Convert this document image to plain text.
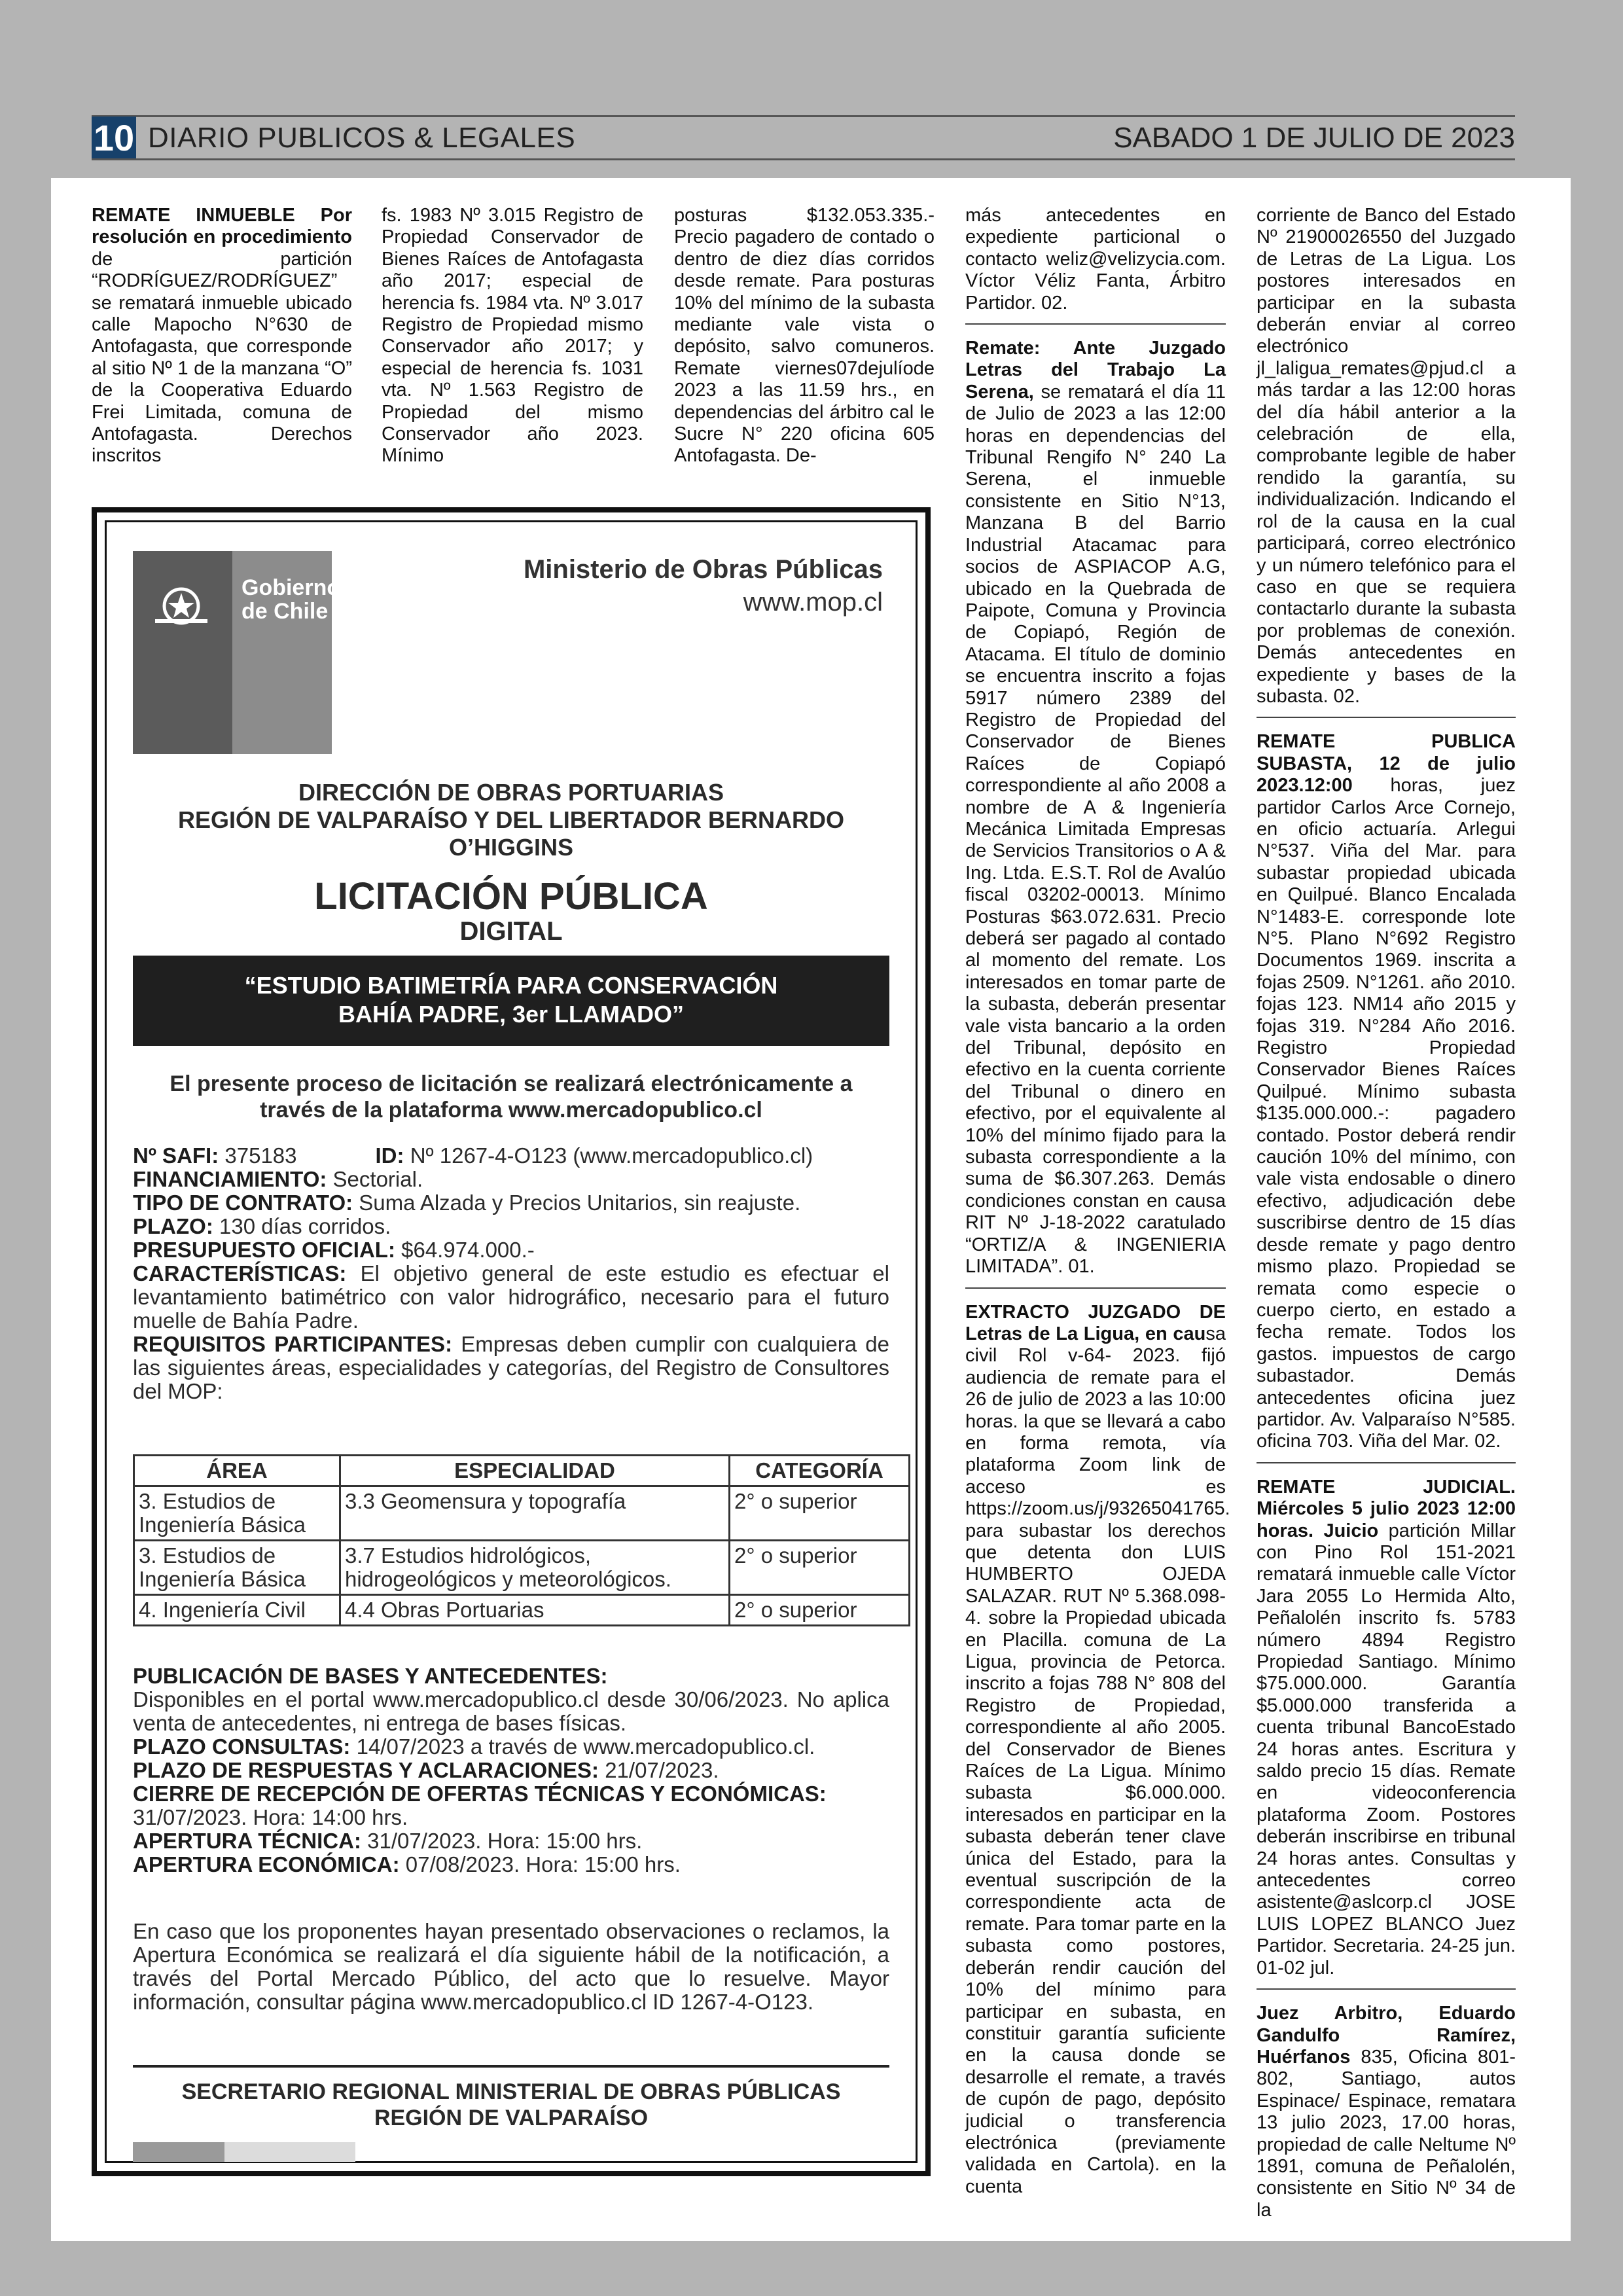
10 DIARIO PUBLICOS & LEGALES	SABADO 1 DE JULIO DE 2023

REMATE INMUEBLE Por resolución en procedimiento de partición “RODRÍGUEZ/RODRÍGUEZ” se rematará inmueble ubicado calle Mapocho N°630 de Antofagasta, que corresponde al sitio Nº 1 de la manzana “O” de la Cooperativa Eduardo Frei Limitada, comuna de Antofagasta. Derechos inscritos

fs. 1983 Nº 3.015 Registro de Propiedad Conservador de Bienes Raíces de Antofagasta año 2017; especial de herencia fs. 1984 vta. Nº 3.017 Registro de Propiedad mismo Conservador año 2017; y especial de herencia fs. 1031 vta. Nº 1.563 Registro de Propiedad del mismo Conservador año 2023. Mínimo

posturas $132.053.335.- Precio pagadero de contado o dentro de diez días corridos desde remate. Para posturas 10% del mínimo de la subasta mediante vale vista o depósito, salvo comuneros. Remate viernes07dejulíode 2023 a las 11.59 hrs., en dependencias del árbitro cal le Sucre N° 220 oficina 605 Antofagasta. De-

más antecedentes en expediente particional o contacto weliz@velizycia.com. Víctor Véliz Fanta, Árbitro Partidor. 02.

Remate: Ante Juzgado Letras del Trabajo La Serena, se rematará el día 11 de Julio de 2023 a las 12:00 horas en dependencias del Tribunal Rengifo N° 240 La Serena, el inmueble consistente en Sitio N°13, Manzana B del Barrio Industrial Atacamac para socios de ASPIACOP A.G, ubicado en la Quebrada de Paipote, Comuna y Provincia de Copiapó, Región de Atacama. El título de dominio se encuentra inscrito a fojas 5917 número 2389 del Registro de Propiedad del Conservador de Bienes Raíces de Copiapó correspondiente al año 2008 a nombre de A & Ingeniería Mecánica Limitada Empresas de Servicios Transitorios o A & Ing. Ltda. E.S.T. Rol de Avalúo fiscal 03202-00013. Mínimo Posturas $63.072.631. Precio deberá ser pagado al contado al momento del remate. Los interesados en tomar parte de la subasta, deberán presentar vale vista bancario a la orden del Tribunal, depósito en efectivo en la cuenta corriente del Tribunal o dinero en efectivo, por el equivalente al 10% del mínimo fijado para la subasta correspondiente a la suma de $6.307.263. Demás condiciones constan en causa RIT Nº J-18-2022 caratulado “ORTIZ/A & INGENIERIA LIMITADA”. 01.

EXTRACTO JUZGADO DE Letras de La Ligua, en causa civil Rol v-64- 2023. fijó audiencia de remate para el 26 de julio de 2023 a las 10:00 horas. la que se llevará a cabo en forma remota, vía plataforma Zoom link de acceso es https://zoom.us/j/93265041765. para subastar los derechos que detenta don LUIS HUMBERTO OJEDA SALAZAR. RUT Nº 5.368.098-4. sobre la Propiedad ubicada en Placilla. comuna de La Ligua, provincia de Petorca. inscrito a fojas 788 N° 808 del Registro de Propiedad, correspondiente al año 2005. del Conservador de Bienes Raíces de La Ligua. Mínimo subasta $6.000.000. interesados en participar en la subasta deberán tener clave única del Estado, para la eventual suscripción de la correspondiente acta de remate. Para tomar parte en la subasta como postores, deberán rendir caución del 10% del mínimo para participar en subasta, en constituir garantía suficiente en la causa donde se desarrolle el remate, a través de cupón de pago, depósito judicial o transferencia electrónica (previamente validada en Cartola). en la cuenta

corriente de Banco del Estado Nº 21900026550 del Juzgado de Letras de La Ligua. Los postores interesados en participar en la subasta deberán enviar al correo electrónico jl_laligua_remates@pjud.cl a más tardar a las 12:00 horas del día hábil anterior a la celebración de ella, comprobante legible de haber rendido la garantía, su individualización. Indicando el rol de la causa en la cual participará, correo electrónico y un número telefónico para el caso en que se requiera contactarlo durante la subasta por problemas de conexión. Demás antecedentes en expediente y bases de la subasta. 02.

REMATE PUBLICA SUBASTA, 12 de julio 2023.12:00 horas, juez partidor Carlos Arce Cornejo, en oficio actuaría. Arlegui N°537. Viña del Mar. para subastar propiedad ubicada en Quilpué. Blanco Encalada N°1483-E. corresponde lote N°5. Plano N°692 Registro Documentos 1969. inscrita a fojas 2509. N°1261. año 2010. fojas 123. NM14 año 2015 y fojas 319. N°284 Año 2016. Registro Propiedad Conservador Bienes Raíces Quilpué. Mínimo subasta $135.000.000.-: pagadero contado. Postor deberá rendir caución 10% del mínimo, con vale vista endosable o dinero efectivo, adjudicación debe suscribirse dentro de 15 días desde remate y pago dentro mismo plazo. Propiedad se remata como especie o cuerpo cierto, en estado a fecha remate. Todos los gastos. impuestos de cargo subastador. Demás antecedentes oficina juez partidor. Av. Valparaíso N°585. oficina 703. Viña del Mar. 02.

REMATE JUDICIAL. Miércoles 5 julio 2023 12:00 horas. Juicio partición Millar con Pino Rol 151-2021 rematará inmueble calle Víctor Jara 2055 Lo Hermida Alto, Peñalolén inscrito fs. 5783 número 4894 Registro Propiedad Santiago. Mínimo $75.000.000. Garantía $5.000.000 transferida a cuenta tribunal BancoEstado 24 horas antes. Escritura y saldo precio 15 días. Remate en videoconferencia plataforma Zoom. Postores deberán inscribirse en tribunal 24 horas antes. Consultas y antecedentes correo asistente@aslcorp.cl JOSE LUIS LOPEZ BLANCO Juez Partidor. Secretaria. 24-25 jun. 01-02 jul.

Juez Arbitro, Eduardo Gandulfo Ramírez, Huérfanos 835, Oficina 801-802, Santiago, autos Espinace/ Espinace, rematara 13 julio 2023, 17.00 horas, propiedad de calle Neltume Nº 1891, comuna de Peñalolén, consistente en Sitio Nº 34 de la

Gobierno
de Chile
Ministerio de Obras Públicas
www.mop.cl
DIRECCIÓN DE OBRAS PORTUARIAS
REGIÓN DE VALPARAÍSO Y DEL LIBERTADOR BERNARDO
O’HIGGINS
LICITACIÓN PÚBLICA
DIGITAL
“ESTUDIO BATIMETRÍA PARA CONSERVACIÓN
BAHÍA PADRE, 3er LLAMADO”
El presente proceso de licitación se realizará electrónicamente a
través de la plataforma www.mercadopublico.cl
Nº SAFI: 375183	ID: Nº 1267-4-O123 (www.mercadopublico.cl)
FINANCIAMIENTO: Sectorial.
TIPO DE CONTRATO: Suma Alzada y Precios Unitarios, sin reajuste.
PLAZO: 130 días corridos.
PRESUPUESTO OFICIAL: $64.974.000.-
CARACTERÍSTICAS: El objetivo general de este estudio es efectuar el levantamiento batimétrico con valor hidrográfico, necesario para el futuro muelle de Bahía Padre.
REQUISITOS PARTICIPANTES: Empresas deben cumplir con cualquiera de las siguientes áreas, especialidades y categorías, del Registro de Consultores del MOP:
ÁREA	ESPECIALIDAD	CATEGORÍA
3. Estudios de Ingeniería Básica	3.3 Geomensura y topografía	2° o superior
3. Estudios de Ingeniería Básica	3.7 Estudios hidrológicos, hidrogeológicos y meteorológicos.	2° o superior
4. Ingeniería Civil	4.4 Obras Portuarias	2° o superior
PUBLICACIÓN DE BASES Y ANTECEDENTES:
Disponibles en el portal www.mercadopublico.cl desde 30/06/2023. No aplica venta de antecedentes, ni entrega de bases físicas.
PLAZO CONSULTAS: 14/07/2023 a través de www.mercadopublico.cl.
PLAZO DE RESPUESTAS Y ACLARACIONES: 21/07/2023.
CIERRE DE RECEPCIÓN DE OFERTAS TÉCNICAS Y ECONÓMICAS:
31/07/2023. Hora: 14:00 hrs.
APERTURA TÉCNICA: 31/07/2023. Hora: 15:00 hrs.
APERTURA ECONÓMICA: 07/08/2023. Hora: 15:00 hrs.
En caso que los proponentes hayan presentado observaciones o reclamos, la Apertura Económica se realizará el día siguiente hábil de la notificación, a través del Portal Mercado Público, del acto que lo resuelve. Mayor información, consultar página www.mercadopublico.cl ID 1267-4-O123.
SECRETARIO REGIONAL MINISTERIAL DE OBRAS PÚBLICAS
REGIÓN DE VALPARAÍSO
